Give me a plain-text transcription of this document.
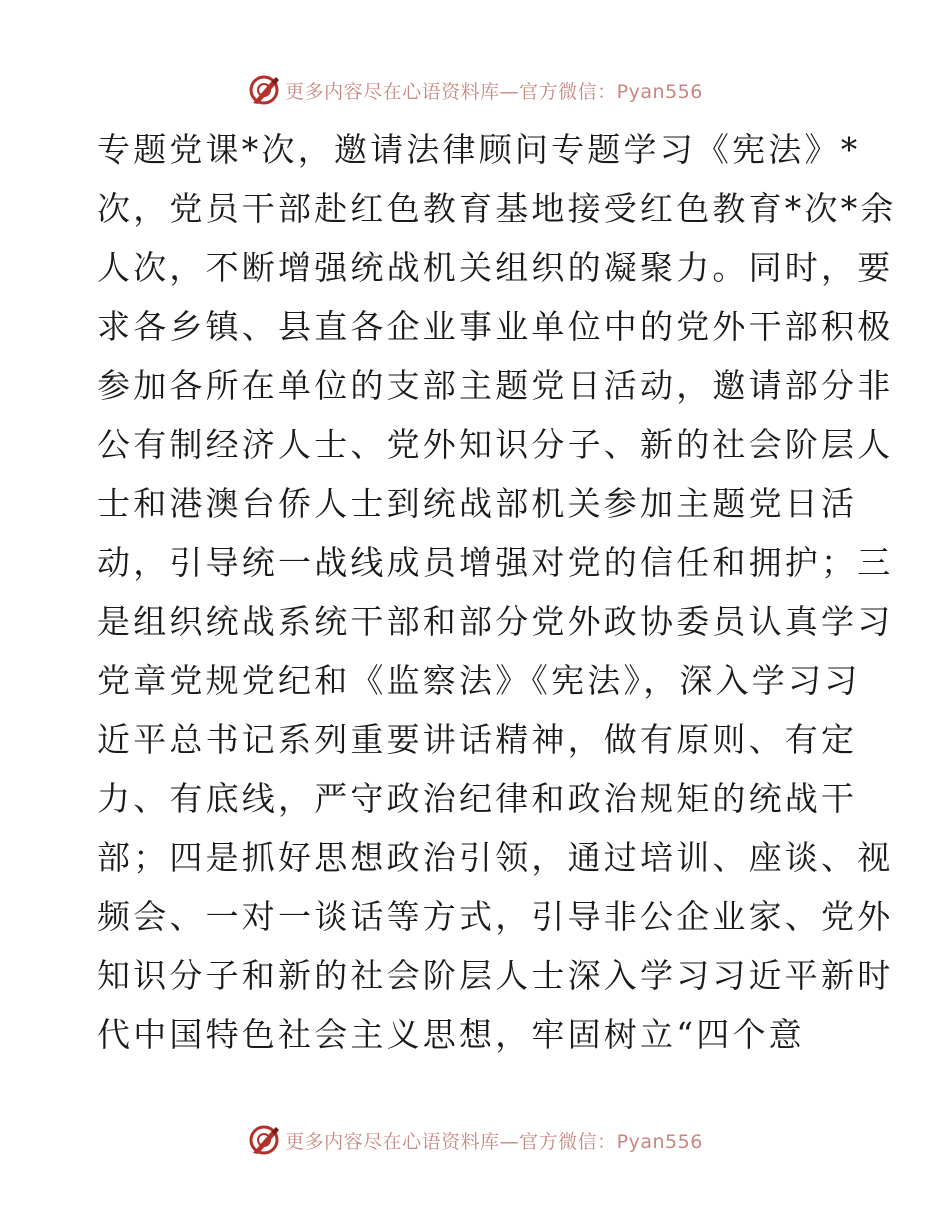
更多内容尽在心语资料库—官方微信：Pyan556
专题党课*次，邀请法律顾问专题学习《宪法》*
次，党员干部赴红色教育基地接受红色教育*次*余
人次，不断增强统战机关组织的凝聚力。同时，要
求各乡镇、县直各企业事业单位中的党外干部积极
参加各所在单位的支部主题党日活动，邀请部分非
公有制经济人士、党外知识分子、新的社会阶层人
士和港澳台侨人士到统战部机关参加主题党日活
动，引导统一战线成员增强对党的信任和拥护；三
是组织统战系统干部和部分党外政协委员认真学习
党章党规党纪和《监察法》《宪法》，深入学习习
近平总书记系列重要讲话精神，做有原则、有定
力、有底线，严守政治纪律和政治规矩的统战干
部；四是抓好思想政治引领，通过培训、座谈、视
频会、一对一谈话等方式，引导非公企业家、党外
知识分子和新的社会阶层人士深入学习习近平新时
代中国特色社会主义思想，牢固树立“四个意
更多内容尽在心语资料库—官方微信：Pyan556
